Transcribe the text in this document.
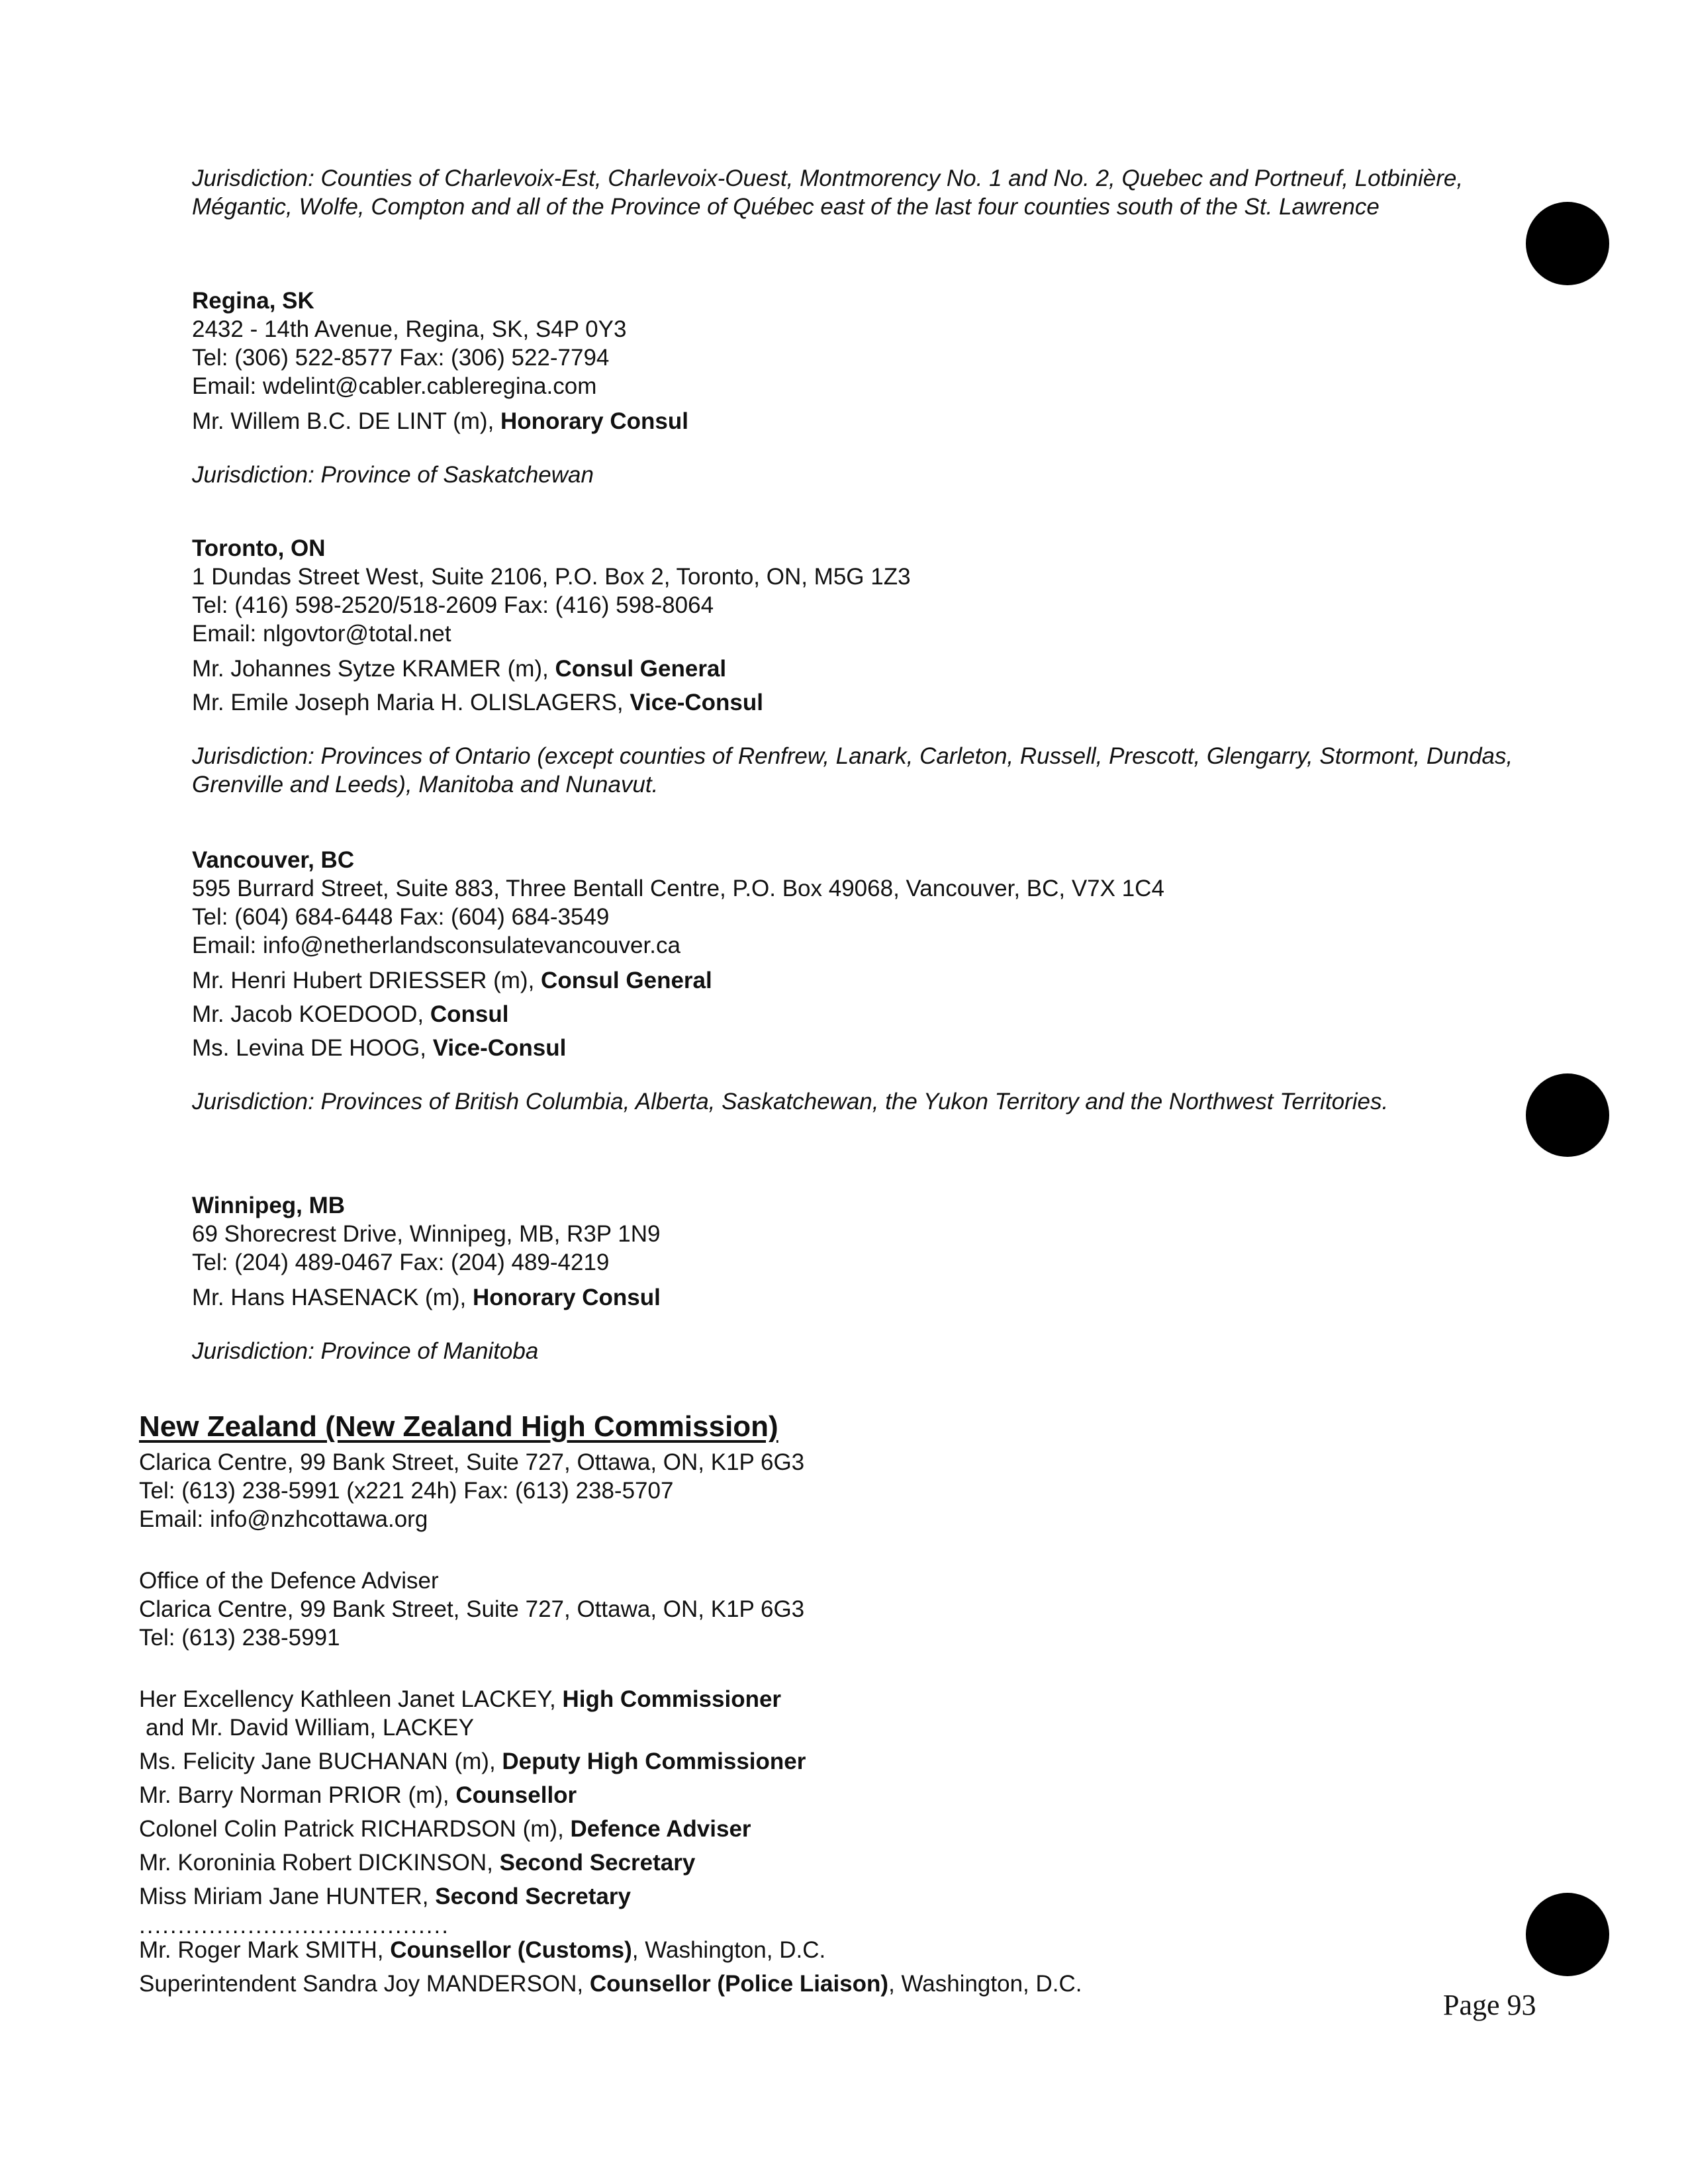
Jurisdiction: Counties of Charlevoix-Est, Charlevoix-Ouest, Montmorency No. 1 and No. 2, Quebec and Portneuf, Lotbinière, Mégantic, Wolfe, Compton and all of the Province of Québec east of the last four counties south of the St. Lawrence

Regina, SK

2432 - 14th Avenue, Regina, SK, S4P 0Y3

Tel: (306) 522-8577 Fax: (306) 522-7794

Email: wdelint@cabler.cableregina.com

Mr. Willem B.C. DE LINT (m), Honorary Consul

Jurisdiction: Province of Saskatchewan

Toronto, ON

1 Dundas Street West, Suite 2106, P.O. Box 2, Toronto, ON, M5G 1Z3

Tel: (416) 598-2520/518-2609 Fax: (416) 598-8064

Email: nlgovtor@total.net

Mr. Johannes Sytze KRAMER (m), Consul General

Mr. Emile Joseph Maria H. OLISLAGERS, Vice-Consul

Jurisdiction: Provinces of Ontario (except counties of Renfrew, Lanark, Carleton, Russell, Prescott, Glengarry, Stormont, Dundas, Grenville and Leeds), Manitoba and Nunavut.

Vancouver, BC

595 Burrard Street, Suite 883, Three Bentall Centre, P.O. Box 49068, Vancouver, BC, V7X 1C4

Tel: (604) 684-6448 Fax: (604) 684-3549

Email: info@netherlandsconsulatevancouver.ca

Mr. Henri Hubert DRIESSER (m), Consul General

Mr. Jacob KOEDOOD, Consul

Ms. Levina DE HOOG, Vice-Consul

Jurisdiction: Provinces of British Columbia, Alberta, Saskatchewan, the Yukon Territory and the Northwest Territories.

Winnipeg, MB

69 Shorecrest Drive, Winnipeg, MB, R3P 1N9

Tel: (204) 489-0467 Fax: (204) 489-4219

Mr. Hans HASENACK (m), Honorary Consul

Jurisdiction: Province of Manitoba

New Zealand (New Zealand High Commission)

Clarica Centre, 99 Bank Street, Suite 727, Ottawa, ON, K1P 6G3

Tel: (613) 238-5991 (x221 24h) Fax: (613) 238-5707

Email: info@nzhcottawa.org

Office of the Defence Adviser

Clarica Centre, 99 Bank Street, Suite 727, Ottawa, ON, K1P 6G3

Tel: (613) 238-5991

Her Excellency Kathleen Janet LACKEY, High Commissioner

and Mr. David William, LACKEY

Ms. Felicity Jane BUCHANAN (m), Deputy High Commissioner

Mr. Barry Norman PRIOR (m), Counsellor

Colonel Colin Patrick RICHARDSON (m), Defence Adviser

Mr. Koroninia Robert DICKINSON, Second Secretary

Miss Miriam Jane HUNTER, Second Secretary

........................................

Mr. Roger Mark SMITH, Counsellor (Customs), Washington, D.C.

Superintendent Sandra Joy MANDERSON, Counsellor (Police Liaison), Washington, D.C.

Page 93
